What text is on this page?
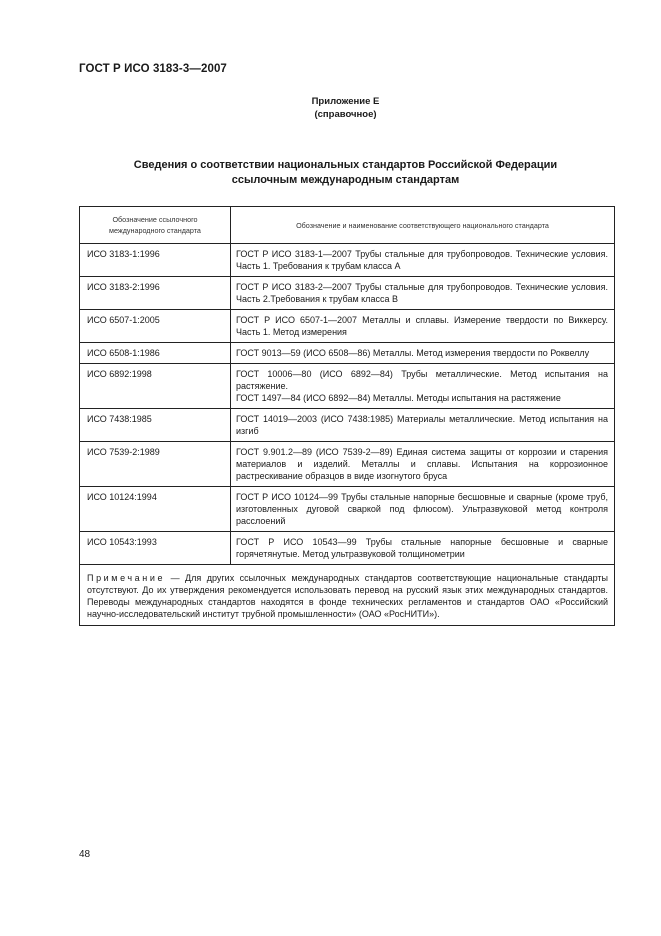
ГОСТ Р ИСО 3183-3—2007
Приложение Е
(справочное)
Сведения о соответствии национальных стандартов Российской Федерации
ссылочным международным стандартам
Обозначение ссылочного международного стандарта	Обозначение и наименование соответствующего национального стандарта
ИСО 3183-1:1996	ГОСТ Р ИСО 3183-1—2007 Трубы стальные для трубопроводов. Технические условия. Часть 1. Требования к трубам класса А

ИСО 3183-2:1996	ГОСТ Р ИСО 3183-2—2007 Трубы стальные для трубопроводов. Технические условия. Часть 2.Требования к трубам класса В

ИСО 6507-1:2005	ГОСТ Р ИСО 6507-1—2007 Металлы и сплавы. Измерение твердости по Виккерсу. Часть 1. Метод измерения

ИСО 6508-1:1986	ГОСТ 9013—59 (ИСО 6508—86) Металлы. Метод измерения твердости по Роквеллу

ИСО 6892:1998	ГОСТ 10006—80 (ИСО 6892—84) Трубы металлические. Метод испытания на растяжение.
ГОСТ 1497—84 (ИСО 6892—84) Металлы. Методы испытания на растяжение

ИСО 7438:1985	ГОСТ 14019—2003 (ИСО 7438:1985) Материалы металлические. Метод испытания на изгиб

ИСО 7539-2:1989	ГОСТ 9.901.2—89 (ИСО 7539-2—89) Единая система защиты от коррозии и старения материалов и изделий. Металлы и сплавы. Испытания на коррозионное растрескивание образцов в виде изогнутого бруса

ИСО 10124:1994	ГОСТ Р ИСО 10124—99 Трубы стальные напорные бесшовные и сварные (кроме труб, изготовленных дуговой сваркой под флюсом). Ультразвуковой метод контроля расслоений

ИСО 10543:1993	ГОСТ Р ИСО 10543—99 Трубы стальные напорные бесшовные и сварные горячетянутые. Метод ультразвуковой толщинометрии

Примечание — Для других ссылочных международных стандартов соответствующие национальные стандарты отсутствуют. До их утверждения рекомендуется использовать перевод на русский язык этих международных стандартов. Переводы международных стандартов находятся в фонде технических регламентов и стандартов ОАО «Российский научно-исследовательский институт трубной промышленности» (ОАО «РосНИТИ»).	
48
